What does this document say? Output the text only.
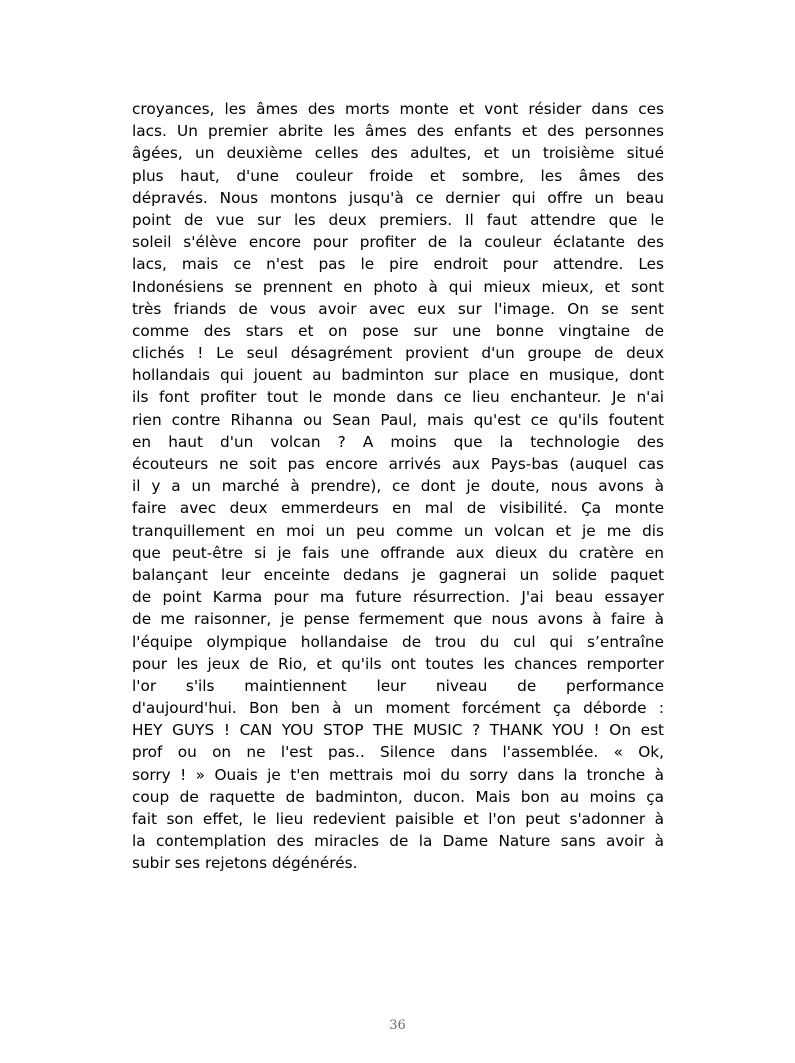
croyances, les âmes des morts monte et vont résider dans ces
lacs. Un premier abrite les âmes des enfants et des personnes
âgées, un deuxième celles des adultes, et un troisième situé
plus haut, d'une couleur froide et sombre, les âmes des
dépravés. Nous montons jusqu'à ce dernier qui offre un beau
point de vue sur les deux premiers. Il faut attendre que le
soleil s'élève encore pour profiter de la couleur éclatante des
lacs, mais ce n'est pas le pire endroit pour attendre. Les
Indonésiens se prennent en photo à qui mieux mieux, et sont
très friands de vous avoir avec eux sur l'image. On se sent
comme des stars et on pose sur une bonne vingtaine de
clichés ! Le seul désagrément provient d'un groupe de deux
hollandais qui jouent au badminton sur place en musique, dont
ils font profiter tout le monde dans ce lieu enchanteur. Je n'ai
rien contre Rihanna ou Sean Paul, mais qu'est ce qu'ils foutent
en haut d'un volcan ? A moins que la technologie des
écouteurs ne soit pas encore arrivés aux Pays-bas (auquel cas
il y a un marché à prendre), ce dont je doute, nous avons à
faire avec deux emmerdeurs en mal de visibilité. Ça monte
tranquillement en moi un peu comme un volcan et je me dis
que peut-être si je fais une offrande aux dieux du cratère en
balançant leur enceinte dedans je gagnerai un solide paquet
de point Karma pour ma future résurrection. J'ai beau essayer
de me raisonner, je pense fermement que nous avons à faire à
l'équipe olympique hollandaise de trou du cul qui s’entraîne
pour les jeux de Rio, et qu'ils ont toutes les chances remporter
l'or s'ils maintiennent leur niveau de performance
d'aujourd'hui. Bon ben à un moment forcément ça déborde :
HEY GUYS ! CAN YOU STOP THE MUSIC ? THANK YOU ! On est
prof ou on ne l'est pas.. Silence dans l'assemblée. « Ok,
sorry ! » Ouais je t'en mettrais moi du sorry dans la tronche à
coup de raquette de badminton, ducon. Mais bon au moins ça
fait son effet, le lieu redevient paisible et l'on peut s'adonner à
la contemplation des miracles de la Dame Nature sans avoir à
subir ses rejetons dégénérés.
36
